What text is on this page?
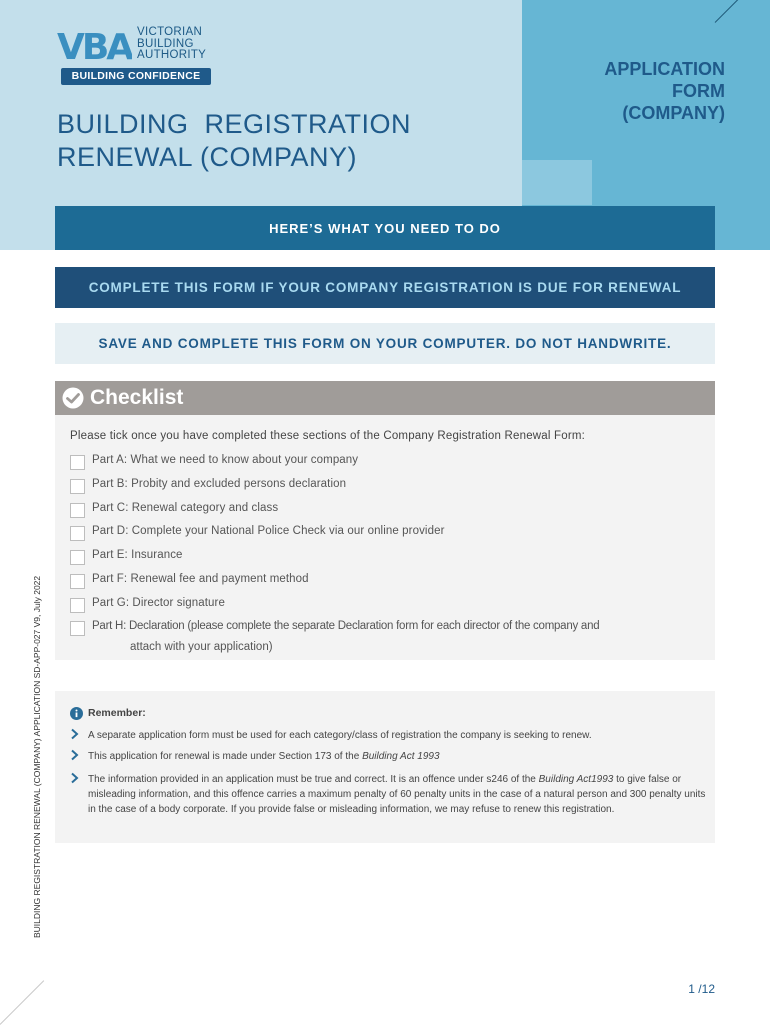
VBA VICTORIAN
BUILDING
AUTHORITY
BUILDING CONFIDENCE	APPLICATION
FORM
(COMPANY)
BUILDING  REGISTRATION
RENEWAL (COMPANY)
HERE’S WHAT YOU NEED TO DO
COMPLETE THIS FORM IF YOUR COMPANY REGISTRATION IS DUE FOR RENEWAL
SAVE AND COMPLETE THIS FORM ON YOUR COMPUTER. DO NOT HANDWRITE.
Checklist
Please tick once you have completed these sections of the Company Registration Renewal Form:
Part A: What we need to know about your company
Part B: Probity and excluded persons declaration
Part C: Renewal category and class
Part D: Complete your National Police Check via our online provider
Part E: Insurance
Part F: Renewal fee and payment method
Part G: Director signature
Part H: Declaration (please complete the separate Declaration form for each director of the company and
attach with your application)
BUILDING REGISTRATION RENEWAL (COMPANY) APPLICATION SD-APP-027 V9, July 2022	Remember:
A separate application form must be used for each category/class of registration the company is seeking to renew.
This application for renewal is made under Section 173 of the Building Act 1993
The information provided in an application must be true and correct. It is an offence under s246 of the Building Act1993 to give false or misleading information, and this offence carries a maximum penalty of 60 penalty units in the case of a natural person and 300 penalty units in the case of a body corporate. If you provide false or misleading information, we may refuse to renew this registration.
1 /12
